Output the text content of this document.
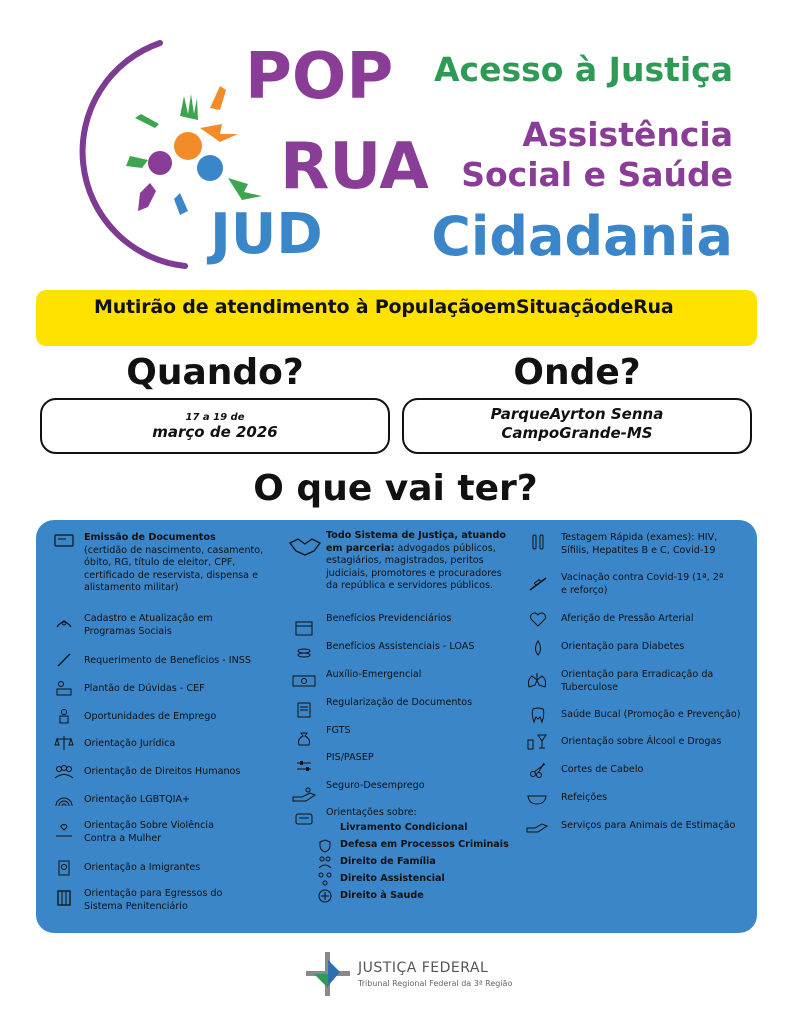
POP
RUA
JUD
Acesso à Justiça
Assistência
Social e Saúde
Cidadania
Mutirão de atendimento à PopulaçãoemSituaçãodeRua
Quando?	Onde?
17 a 19 de
março de 2026
ParqueAyrton Senna
CampoGrande-MS
O que vai ter?
Emissão de Documentos
(certidão de nascimento, casamento, óbito, RG, título de eleitor, CPF, certificado de reservista, dispensa e alistamento militar)
Cadastro e Atualização em Programas Sociais
Requerimento de Benefícios - INSS
Plantão de Dúvidas - CEF
Oportunidades de Emprego
Orientação Jurídica
Orientação de Direitos Humanos
Orientação LGBTQIA+
Orientação Sobre Violência Contra a Mulher
Orientação a Imigrantes
Orientação para Egressos do Sistema Penitenciário
Todo Sistema de Justiça, atuando em parceria: advogados públicos, estagiários, magistrados, peritos judiciais, promotores e procuradores da república e servidores públicos.
Benefícios Previdenciários
Benefícios Assistenciais - LOAS
Auxílio-Emergencial
Regularização de Documentos
FGTS
PIS/PASEP
Seguro-Desemprego
Orientações sobre:
Livramento Condicional
Defesa em Processos Criminais
Direito de Família
Direito Assistencial
Direito à Saude
Testagem Rápida (exames): HIV, Sífilis, Hepatites B e C, Covid-19
Vacinação contra Covid-19 (1ª, 2ª e reforço)
Aferição de Pressão Arterial
Orientação para Diabetes
Orientação para Erradicação da Tuberculose
Saúde Bucal (Promoção e Prevenção)
Orientação sobre Álcool e Drogas
Cortes de Cabelo
Refeições
Serviços para Animais de Estimação
JUSTIÇA FEDERAL
Tribunal Regional Federal da 3ª Região
